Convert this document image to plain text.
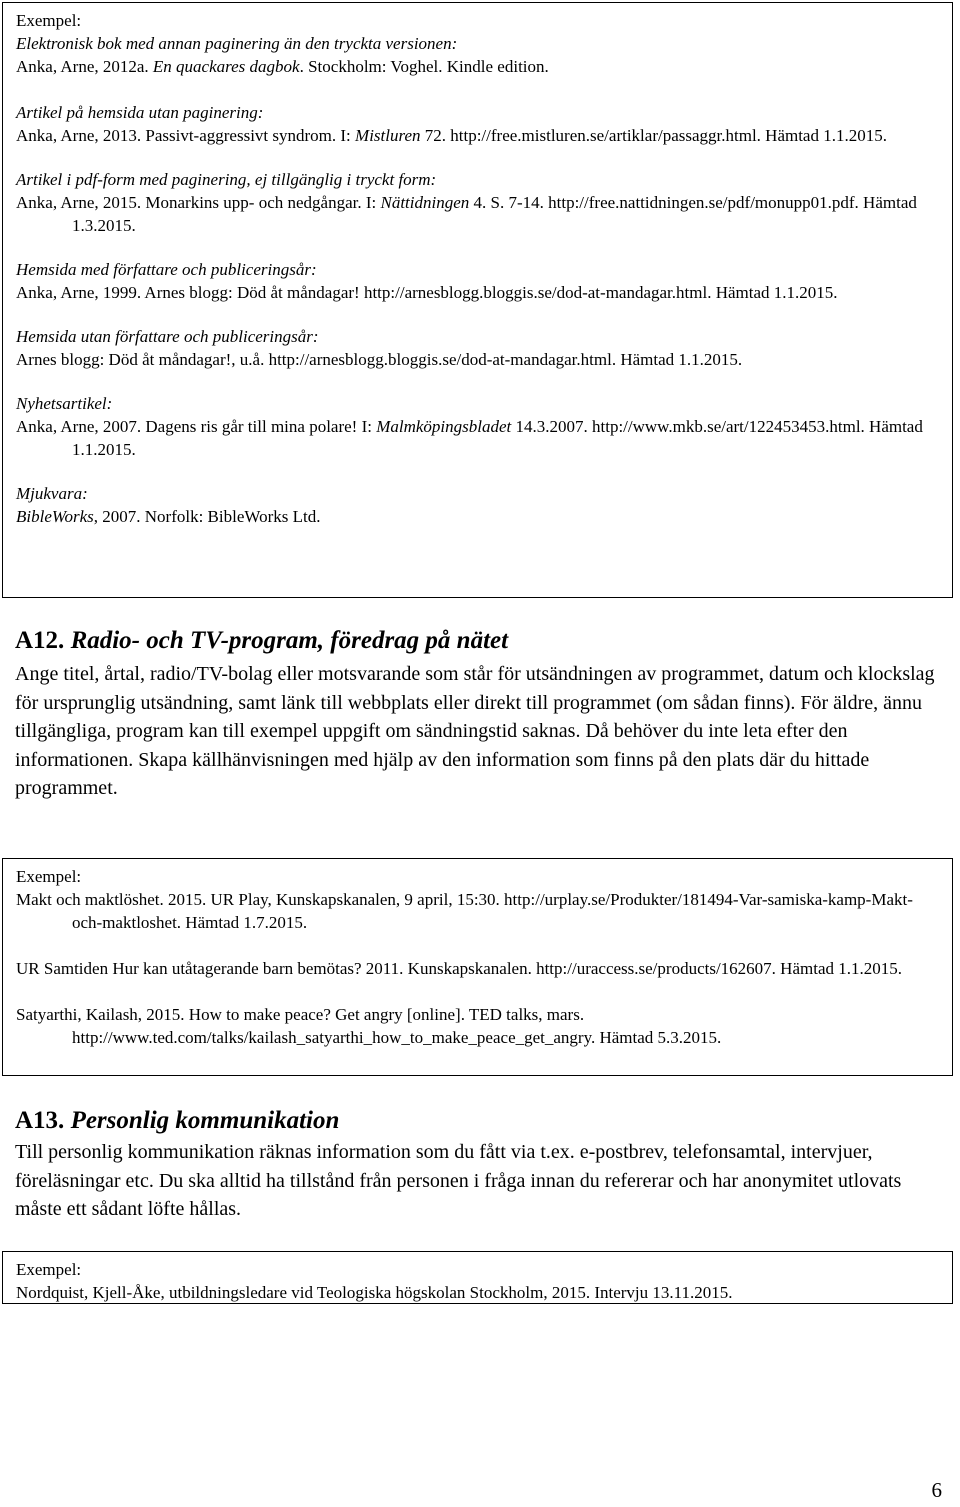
Exempel:
Elektronisk bok med annan paginering än den tryckta versionen:
Anka, Arne, 2012a. En quackares dagbok. Stockholm: Voghel. Kindle edition.
Artikel på hemsida utan paginering:
Anka, Arne, 2013. Passivt-aggressivt syndrom. I: Mistluren 72. http://free.mistluren.se/artiklar/passaggr.html. Hämtad 1.1.2015.
Artikel i pdf-form med paginering, ej tillgänglig i tryckt form:
Anka, Arne, 2015. Monarkins upp- och nedgångar. I: Nättidningen 4. S. 7-14. http://free.nattidningen.se/pdf/monupp01.pdf. Hämtad 1.3.2015.
Hemsida med författare och publiceringsår:
Anka, Arne, 1999. Arnes blogg: Död åt måndagar! http://arnesblogg.bloggis.se/dod-at-mandagar.html. Hämtad 1.1.2015.
Hemsida utan författare och publiceringsår:
Arnes blogg: Död åt måndagar!, u.å. http://arnesblogg.bloggis.se/dod-at-mandagar.html. Hämtad 1.1.2015.
Nyhetsartikel:
Anka, Arne, 2007. Dagens ris går till mina polare! I: Malmköpingsbladet 14.3.2007. http://www.mkb.se/art/122453453.html. Hämtad 1.1.2015.
Mjukvara:
BibleWorks, 2007. Norfolk: BibleWorks Ltd.
A12. Radio- och TV-program, föredrag på nätet
Ange titel, årtal, radio/TV-bolag eller motsvarande som står för utsändningen av programmet, datum och klockslag för ursprunglig utsändning, samt länk till webbplats eller direkt till programmet (om sådan finns). För äldre, ännu tillgängliga, program kan till exempel uppgift om sändningstid saknas. Då behöver du inte leta efter den informationen. Skapa källhänvisningen med hjälp av den information som finns på den plats där du hittade programmet.
Exempel:
Makt och maktlöshet. 2015. UR Play, Kunskapskanalen, 9 april, 15:30. http://urplay.se/Produkter/181494-Var-samiska-kamp-Makt-och-maktloshet. Hämtad 1.7.2015.
UR Samtiden Hur kan utåtagerande barn bemötas? 2011. Kunskapskanalen. http://uraccess.se/products/162607. Hämtad 1.1.2015.
Satyarthi, Kailash, 2015. How to make peace? Get angry [online]. TED talks, mars. http://www.ted.com/talks/kailash_satyarthi_how_to_make_peace_get_angry. Hämtad 5.3.2015.
A13. Personlig kommunikation
Till personlig kommunikation räknas information som du fått via t.ex. e-postbrev, telefonsamtal, intervjuer, föreläsningar etc. Du ska alltid ha tillstånd från personen i fråga innan du refererar och har anonymitet utlovats måste ett sådant löfte hållas.
Exempel:
Nordquist, Kjell-Åke, utbildningsledare vid Teologiska högskolan Stockholm, 2015. Intervju 13.11.2015.
6
